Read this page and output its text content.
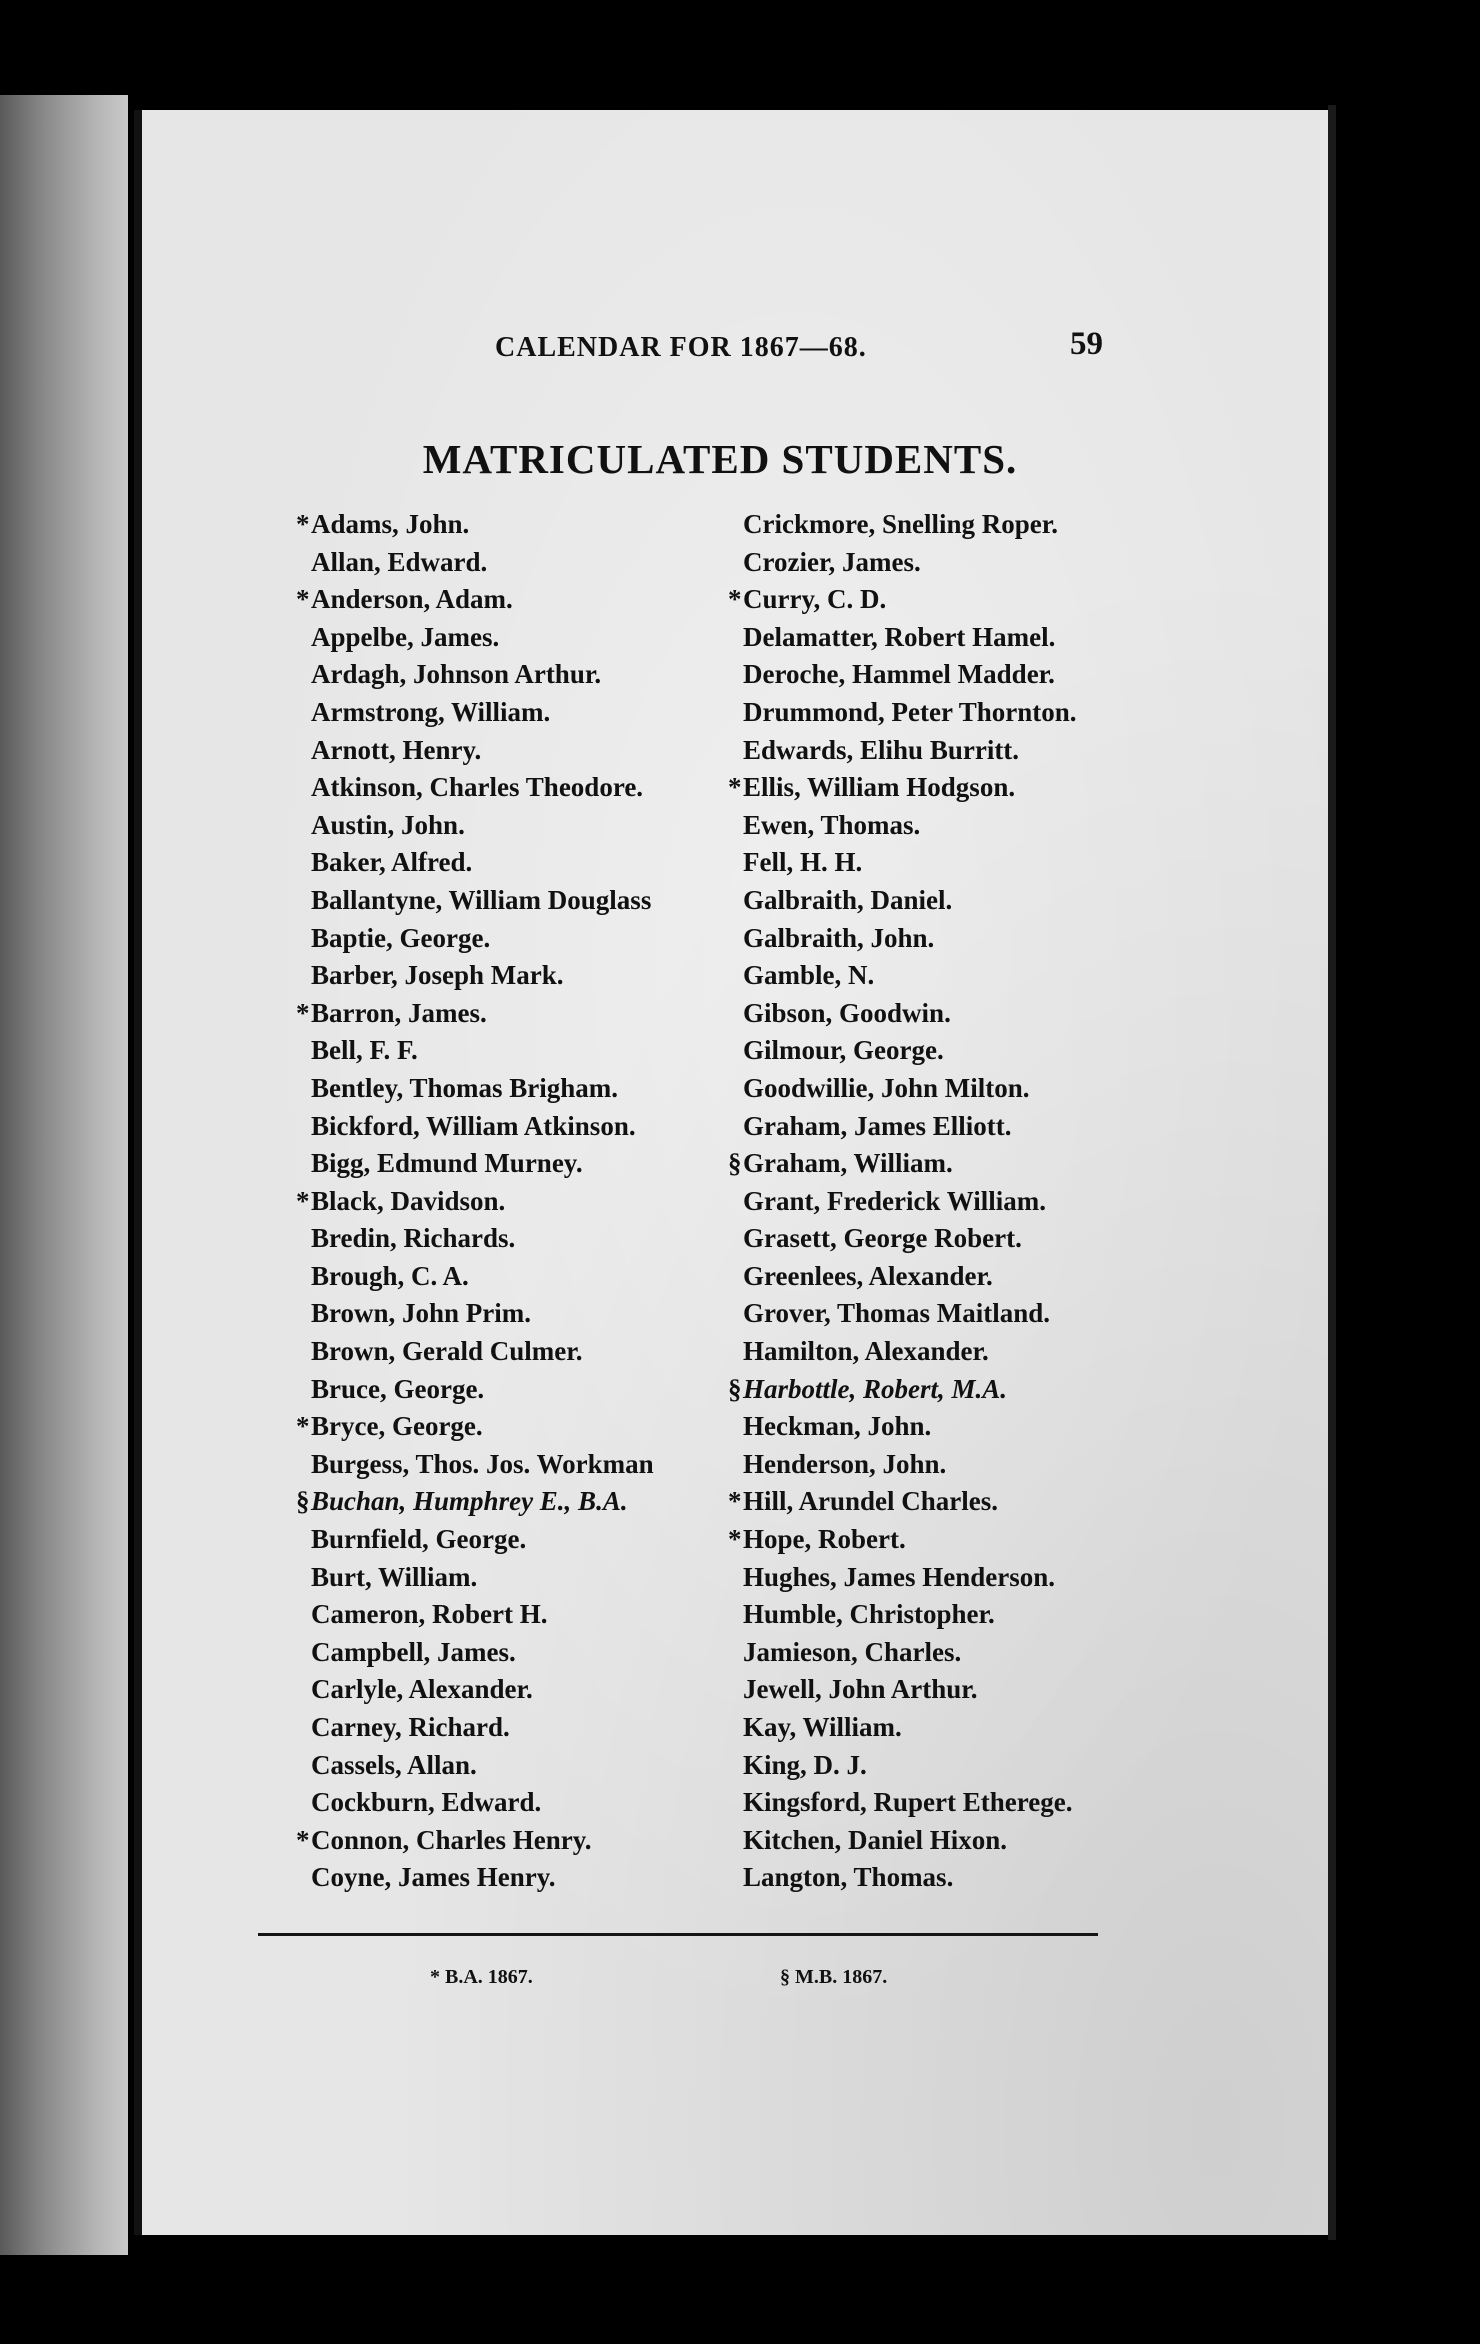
CALENDAR FOR 1867—68.	59
MATRICULATED STUDENTS.
*Adams, John.
Allan, Edward.
*Anderson, Adam.
Appelbe, James.
Ardagh, Johnson Arthur.
Armstrong, William.
Arnott, Henry.
Atkinson, Charles Theodore.
Austin, John.
Baker, Alfred.
Ballantyne, William Douglass
Baptie, George.
Barber, Joseph Mark.
*Barron, James.
Bell, F. F.
Bentley, Thomas Brigham.
Bickford, William Atkinson.
Bigg, Edmund Murney.
*Black, Davidson.
Bredin, Richards.
Brough, C. A.
Brown, John Prim.
Brown, Gerald Culmer.
Bruce, George.
*Bryce, George.
Burgess, Thos. Jos. Workman
§Buchan, Humphrey E., B.A.
Burnfield, George.
Burt, William.
Cameron, Robert H.
Campbell, James.
Carlyle, Alexander.
Carney, Richard.
Cassels, Allan.
Cockburn, Edward.
*Connon, Charles Henry.
Coyne, James Henry.
Crickmore, Snelling Roper.
Crozier, James.
*Curry, C. D.
Delamatter, Robert Hamel.
Deroche, Hammel Madder.
Drummond, Peter Thornton.
Edwards, Elihu Burritt.
*Ellis, William Hodgson.
Ewen, Thomas.
Fell, H. H.
Galbraith, Daniel.
Galbraith, John.
Gamble, N.
Gibson, Goodwin.
Gilmour, George.
Goodwillie, John Milton.
Graham, James Elliott.
§Graham, William.
Grant, Frederick William.
Grasett, George Robert.
Greenlees, Alexander.
Grover, Thomas Maitland.
Hamilton, Alexander.
§Harbottle, Robert, M.A.
Heckman, John.
Henderson, John.
*Hill, Arundel Charles.
*Hope, Robert.
Hughes, James Henderson.
Humble, Christopher.
Jamieson, Charles.
Jewell, John Arthur.
Kay, William.
King, D. J.
Kingsford, Rupert Etherege.
Kitchen, Daniel Hixon.
Langton, Thomas.
* B.A. 1867.	§ M.B. 1867.
